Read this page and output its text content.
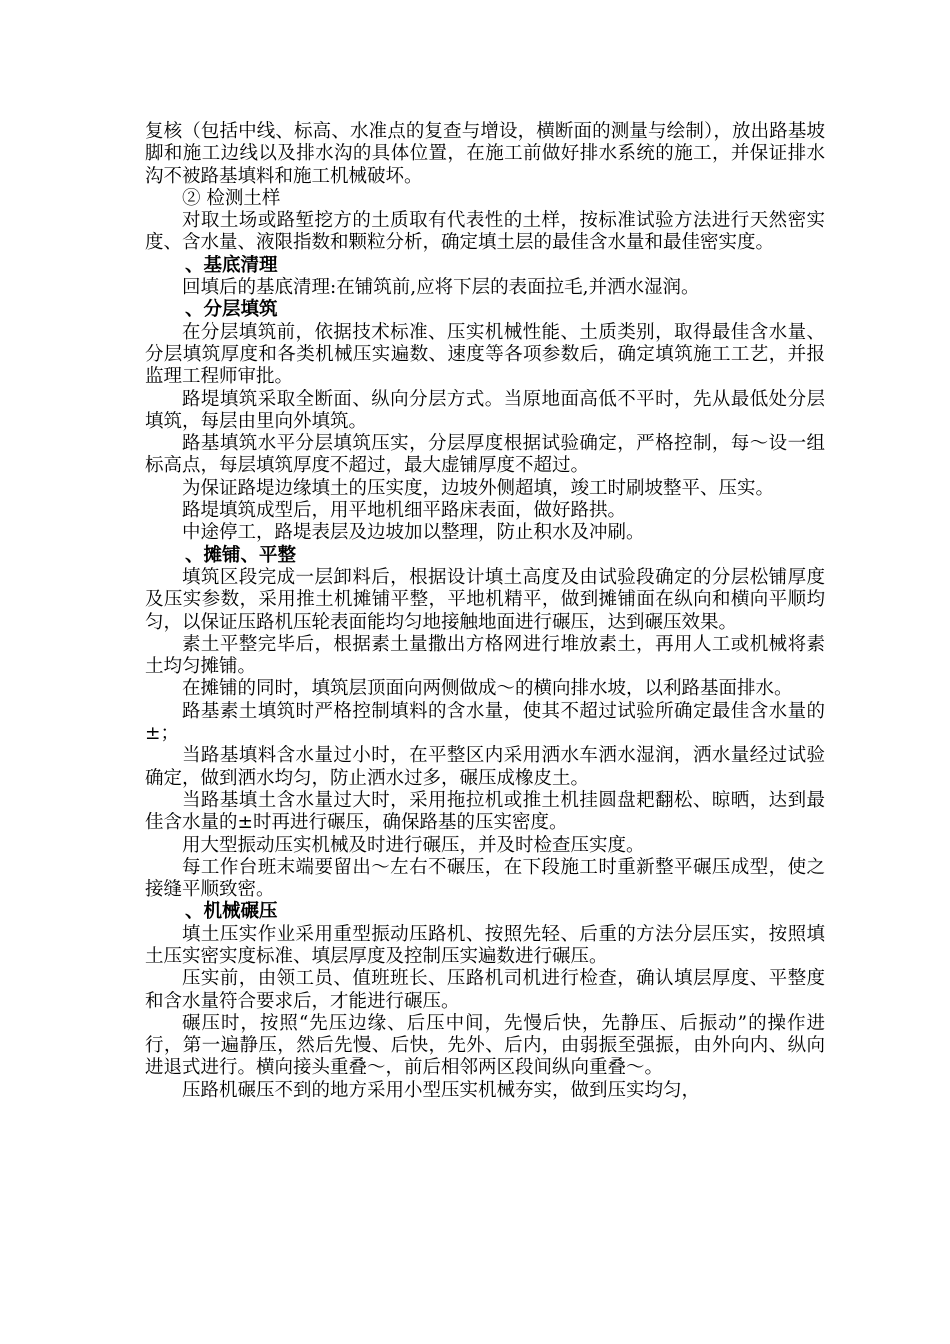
复核（包括中线、标高、水准点的复查与增设，横断面的测量与绘制），放出路基坡脚和施工边线以及排水沟的具体位置，在施工前做好排水系统的施工，并保证排水沟不被路基填料和施工机械破坏。

② 检测土样

对取土场或路堑挖方的土质取有代表性的土样，按标准试验方法进行天然密实度、含水量、液限指数和颗粒分析，确定填土层的最佳含水量和最佳密实度。

、基底清理

回填后的基底清理:在铺筑前,应将下层的表面拉毛,并洒水湿润。

、分层填筑

在分层填筑前，依据技术标准、压实机械性能、土质类别，取得最佳含水量、分层填筑厚度和各类机械压实遍数、速度等各项参数后，确定填筑施工工艺，并报监理工程师审批。

路堤填筑采取全断面、纵向分层方式。当原地面高低不平时，先从最低处分层填筑，每层由里向外填筑。

路基填筑水平分层填筑压实，分层厚度根据试验确定，严格控制，每～设一组标高点，每层填筑厚度不超过，最大虚铺厚度不超过。

为保证路堤边缘填土的压实度，边坡外侧超填，竣工时刷坡整平、压实。

路堤填筑成型后，用平地机细平路床表面，做好路拱。

中途停工，路堤表层及边坡加以整理，防止积水及冲刷。

、摊铺、平整

填筑区段完成一层卸料后，根据设计填土高度及由试验段确定的分层松铺厚度及压实参数，采用推土机摊铺平整，平地机精平，做到摊铺面在纵向和横向平顺均匀，以保证压路机压轮表面能均匀地接触地面进行碾压，达到碾压效果。

素土平整完毕后，根据素土量撒出方格网进行堆放素土，再用人工或机械将素土均匀摊铺。

在摊铺的同时，填筑层顶面向两侧做成～的横向排水坡，以利路基面排水。

路基素土填筑时严格控制填料的含水量，使其不超过试验所确定最佳含水量的±；

当路基填料含水量过小时，在平整区内采用洒水车洒水湿润，洒水量经过试验确定，做到洒水均匀，防止洒水过多，碾压成橡皮土。

当路基填土含水量过大时，采用拖拉机或推土机挂圆盘耙翻松、晾晒，达到最佳含水量的±时再进行碾压，确保路基的压实密度。

用大型振动压实机械及时进行碾压，并及时检查压实度。

每工作台班末端要留出～左右不碾压，在下段施工时重新整平碾压成型，使之接缝平顺致密。

、机械碾压

填土压实作业采用重型振动压路机、按照先轻、后重的方法分层压实，按照填土压实密实度标准、填层厚度及控制压实遍数进行碾压。

压实前，由领工员、值班班长、压路机司机进行检查，确认填层厚度、平整度和含水量符合要求后，才能进行碾压。

碾压时，按照“先压边缘、后压中间，先慢后快，先静压、后振动”的操作进行，第一遍静压，然后先慢、后快，先外、后内，由弱振至强振，由外向内、纵向进退式进行。横向接头重叠～，前后相邻两区段间纵向重叠～。

压路机碾压不到的地方采用小型压实机械夯实，做到压实均匀，
